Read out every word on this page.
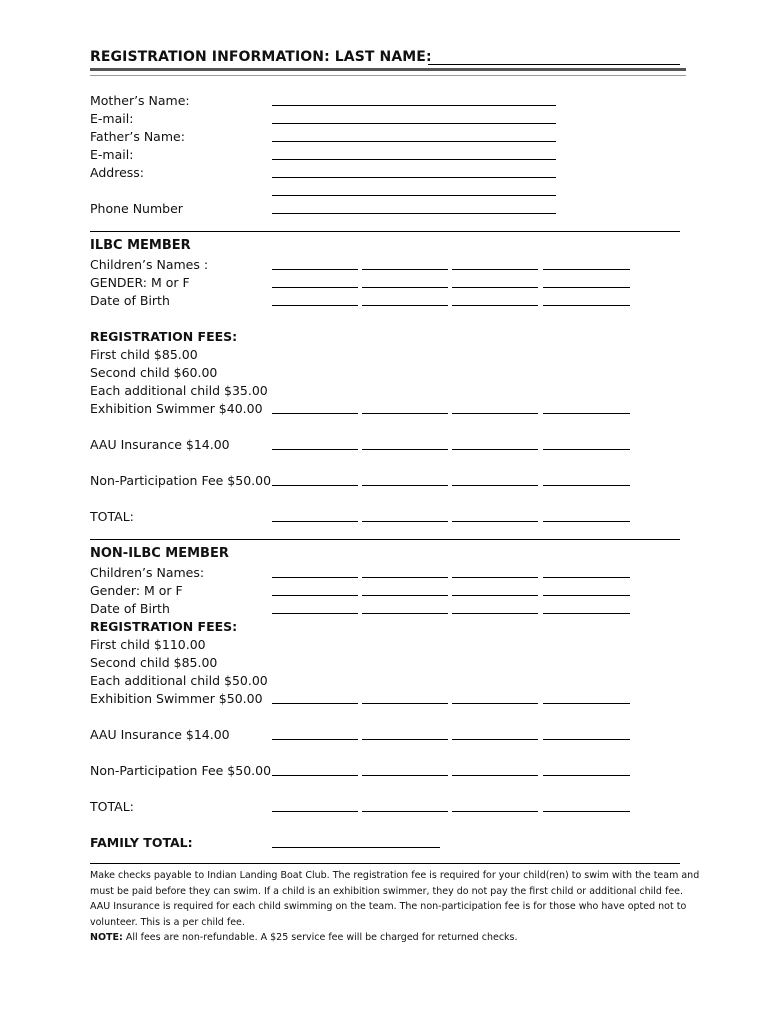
REGISTRATION INFORMATION: LAST NAME:
Mother’s Name:
E-mail:
Father’s Name:
E-mail:
Address:
Phone Number
ILBC MEMBER
Children’s Names :
GENDER: M or F
Date of Birth
REGISTRATION FEES:
First child $85.00
Second child $60.00
Each additional child $35.00
Exhibition Swimmer $40.00
AAU Insurance $14.00
Non-Participation Fee $50.00
TOTAL:
NON-ILBC MEMBER
Children’s Names:
Gender: M or F
Date of Birth
REGISTRATION FEES:
First child $110.00
Second child $85.00
Each additional child $50.00
Exhibition Swimmer $50.00
AAU Insurance $14.00
Non-Participation Fee $50.00
TOTAL:
FAMILY TOTAL:

Make checks payable to Indian Landing Boat Club. The registration fee is required for your child(ren) to swim with the team and

must be paid before they can swim. If a child is an exhibition swimmer, they do not pay the first child or additional child fee.

AAU Insurance is required for each child swimming on the team. The non-participation fee is for those who have opted not to

volunteer. This is a per child fee.

NOTE: All fees are non-refundable. A $25 service fee will be charged for returned checks.
